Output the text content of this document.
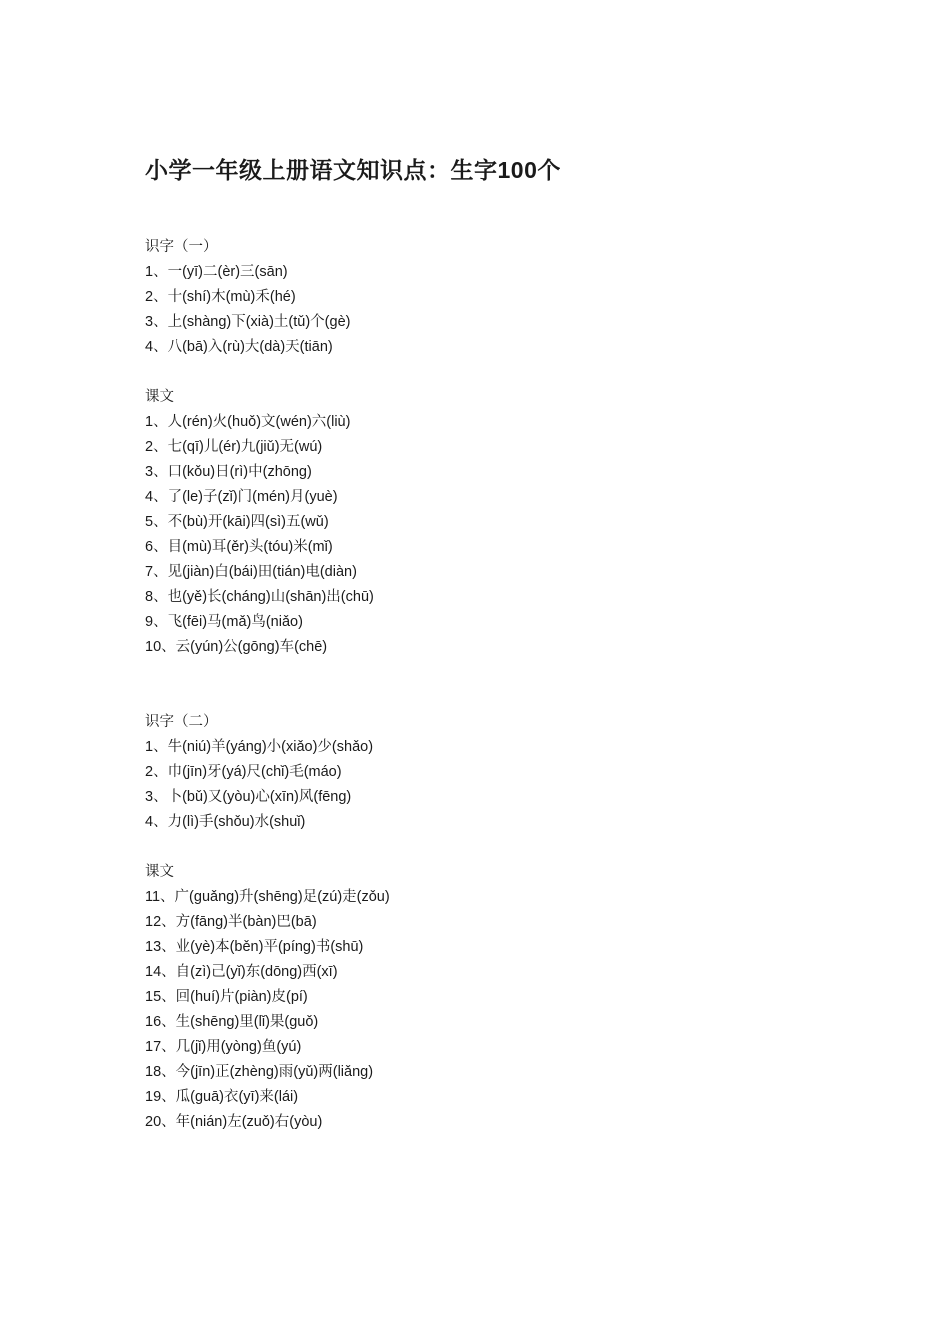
小学一年级上册语文知识点：生字100个
识字（一）
1、一(yī)二(èr)三(sān)
2、十(shí)木(mù)禾(hé)
3、上(shàng)下(xià)土(tǔ)个(gè)
4、八(bā)入(rù)大(dà)天(tiān)
课文
1、人(rén)火(huǒ)文(wén)六(liù)
2、七(qī)儿(ér)九(jiǔ)无(wú)
3、口(kǒu)日(rì)中(zhōng)
4、了(le)子(zǐ)门(mén)月(yuè)
5、不(bù)开(kāi)四(sì)五(wǔ)
6、目(mù)耳(ěr)头(tóu)米(mǐ)
7、见(jiàn)白(bái)田(tián)电(diàn)
8、也(yě)长(cháng)山(shān)出(chū)
9、飞(fēi)马(mǎ)鸟(niǎo)
10、云(yún)公(gōng)车(chē)
识字（二）
1、牛(niú)羊(yáng)小(xiǎo)少(shǎo)
2、巾(jīn)牙(yá)尺(chǐ)毛(máo)
3、卜(bǔ)又(yòu)心(xīn)风(fēng)
4、力(lì)手(shǒu)水(shuǐ)
课文
11、广(guǎng)升(shēng)足(zú)走(zǒu)
12、方(fāng)半(bàn)巴(bā)
13、业(yè)本(běn)平(píng)书(shū)
14、自(zì)己(yǐ)东(dōng)西(xī)
15、回(huí)片(piàn)皮(pí)
16、生(shēng)里(lǐ)果(guǒ)
17、几(jǐ)用(yòng)鱼(yú)
18、今(jīn)正(zhèng)雨(yǔ)两(liǎng)
19、瓜(guā)衣(yī)来(lái)
20、年(nián)左(zuǒ)右(yòu)
